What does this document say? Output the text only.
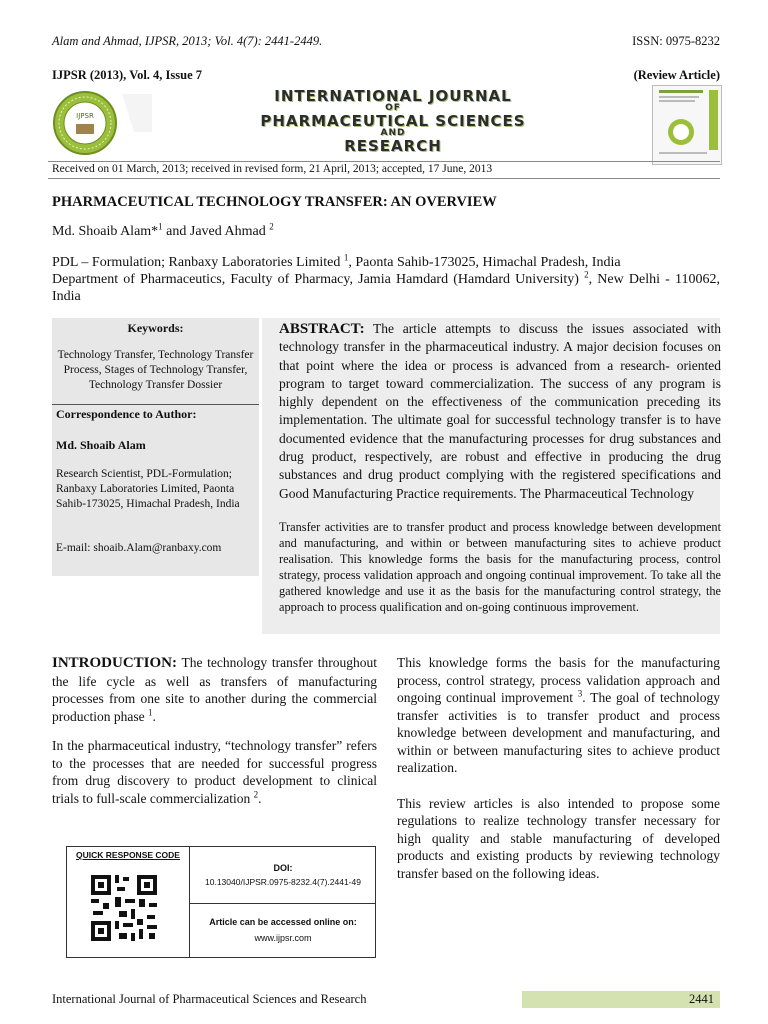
Alam and Ahmad, IJPSR, 2013; Vol. 4(7): 2441-2449.	ISSN: 0975-8232
IJPSR (2013), Vol. 4, Issue 7	(Review Article)
IJPSR
INTERNATIONAL JOURNAL
OF
PHARMACEUTICAL SCIENCES
AND
RESEARCH
Received on 01 March, 2013; received in revised form, 21 April, 2013; accepted, 17 June, 2013
PHARMACEUTICAL TECHNOLOGY TRANSFER: AN OVERVIEW
Md. Shoaib Alam*$^1$ and Javed Ahmad $^2$
PDL – Formulation; Ranbaxy Laboratories Limited $^1$, Paonta Sahib-173025, Himachal Pradesh, India
Department of Pharmaceutics, Faculty of Pharmacy, Jamia Hamdard (Hamdard University) $^2$, New Delhi - 110062, India
Keywords:
Technology Transfer, Technology Transfer Process, Stages of Technology Transfer, Technology Transfer Dossier
Correspondence to Author:
Md. Shoaib Alam
Research Scientist, PDL-Formulation; Ranbaxy Laboratories Limited, Paonta Sahib-173025, Himachal Pradesh, India
E-mail: shoaib.Alam@ranbaxy.com
ABSTRACT: The article attempts to discuss the issues associated with technology transfer in the pharmaceutical industry. A major decision focuses on that point where the idea or process is advanced from a research- oriented program to target toward commercialization. The success of any program is highly dependent on the effectiveness of the communication preceding its implementation. The ultimate goal for successful technology transfer is to have documented evidence that the manufacturing processes for drug substances and drug product, respectively, are robust and effective in producing the drug substances and drug product complying with the registered specifications and Good Manufacturing Practice requirements. The Pharmaceutical Technology
Transfer activities are to transfer product and process knowledge between development and manufacturing, and within or between manufacturing sites to achieve product realisation. This knowledge forms the basis for the manufacturing process, control strategy, process validation approach and ongoing continual improvement. To take all the gathered knowledge and use it as the basis for the manufacturing control strategy, the approach to process qualification and on-going continuous improvement.

INTRODUCTION: The technology transfer throughout the life cycle as well as transfers of manufacturing processes from one site to another during the commercial production phase $^1$.

In the pharmaceutical industry, “technology transfer” refers to the processes that are needed for successful progress from drug discovery to product development to clinical trials to full-scale commercialization $^2$.

This knowledge forms the basis for the manufacturing process, control strategy, process validation approach and ongoing continual improvement $^3$. The goal of technology transfer activities is to transfer product and process knowledge between development and manufacturing, and within or between manufacturing sites to achieve product realization.

This review articles is also intended to propose some regulations to realize technology transfer necessary for high quality and stable manufacturing of developed products and existing products by reviewing technology transfer based on the following ideas.

QUICK RESPONSE CODE
DOI:
10.13040/IJPSR.0975-8232.4(7).2441-49
Article can be accessed online on:
www.ijpsr.com
International Journal of Pharmaceutical Sciences and Research	2441
